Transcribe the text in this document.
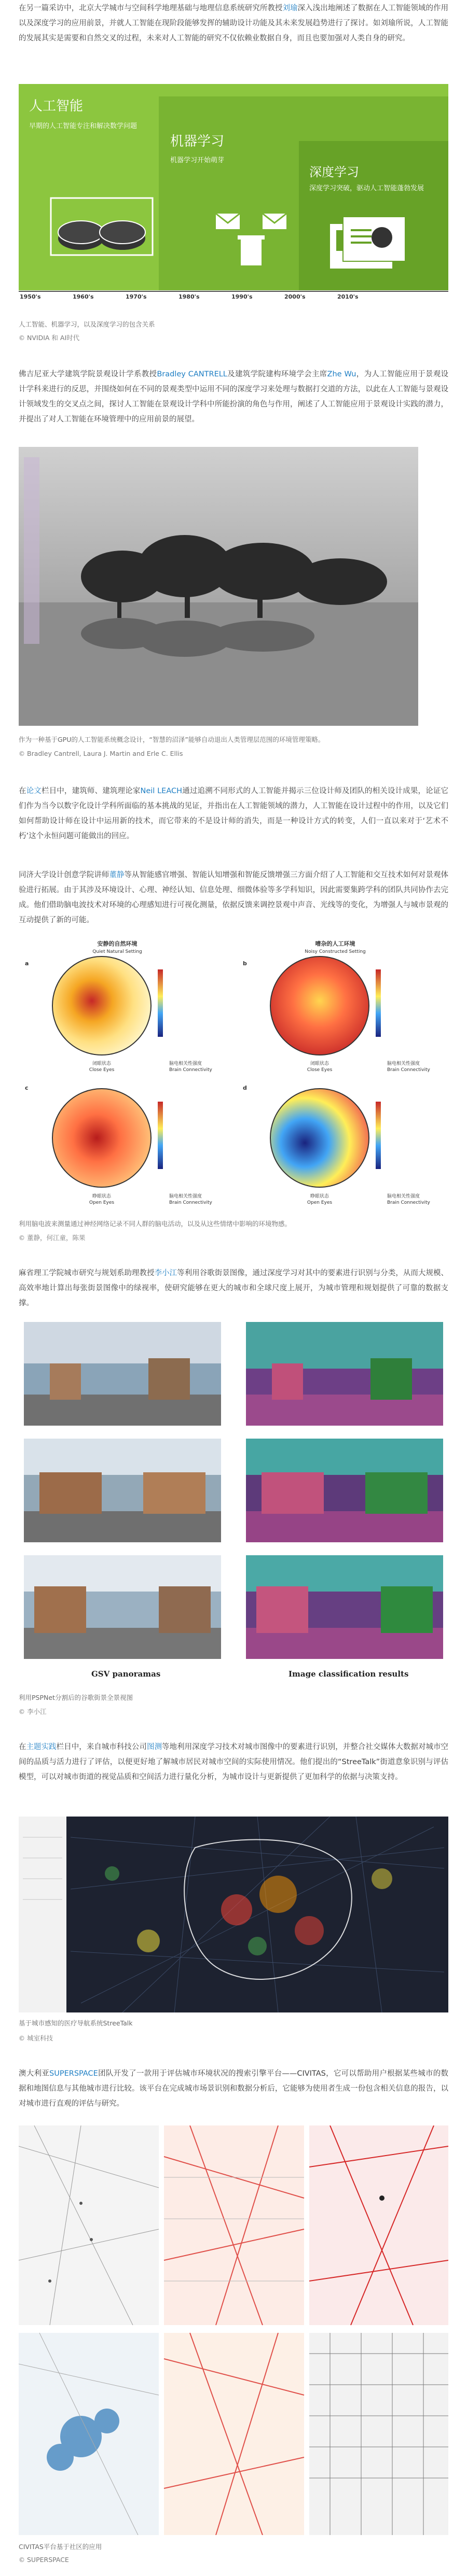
在另一篇采访中，北京大学城市与空间科学地理基础与地理信息系统研究所教授刘瑜深入浅出地阐述了数据在人工智能领域的作用以及深度学习的应用前景，并就人工智能在现阶段能够发挥的辅助设计功能及其未来发展趋势进行了探讨。如刘瑜所说，人工智能的发展其实是需要和自然交叉的过程，未来对人工智能的研究不仅依赖业数据自身，而且也要加强对人类自身的研究。

人工智能
早期的人工智能专注和解决数学问题
机器学习
机器学习开始萌芽
深度学习
深度学习突破，驱动人工智能蓬勃发展
1950's	1960's	1970's	1980's	1990's	2000's	2010's

人工智能、机器学习，以及深度学习的包含关系

© NVIDIA 和 AI时代

佛吉尼亚大学建筑学院景观设计学系教授Bradley CANTRELL及建筑学院建构环境学会主席Zhe Wu，为人工智能应用于景观设计学科来进行的反思，并围绕如何在不同的景观类型中运用不同的深度学习来处理与数据打交道的方法，以此在人工智能与景观设计领域发生的交叉点之间，探讨人工智能在景观设计学科中所能扮演的角色与作用，阐述了人工智能应用于景观设计实践的潜力，并提出了对人工智能在环境管理中的应用前景的展望。

作为一种基于GPU的人工智能系统概念设计，“智慧的沼泽”能够自动退出人类管理层范围的环境管理策略。

© Bradley Cantrell, Laura J. Martin and Erle C. Ellis

在论文栏目中，建筑师、建筑理论家Neil LEACH通过追溯不同形式的人工智能并揭示三位设计师及团队的相关设计成果，论证它们作为当今以数字化设计学科所面临的基本挑战的见证，并指出在人工智能领域的潜力，人工智能在设计过程中的作用，以及它们如何帮助设计师在设计中运用新的技术，而它带来的不是设计师的消失，而是一种设计方式的转变，人们一直以来对于‘艺术不朽’这个永恒问题可能做出的回应。

同济大学设计创意学院讲师董静等从智能感官增强、智能认知增强和智能反馈增强三方面介绍了人工智能和交互技术如何对景观体验进行拓展。由于其涉及环境设计、心理、神经认知、信息处理、细微体验等多学科知识，因此需要集跨学科的团队共同协作去完成。他们借助脑电波技术对环境的心理感知进行可视化测量，依据反馈来调控景观中声音、光线等的变化，为增强人与城市景观的互动提供了新的可能。

安静的自然环境
Quiet Natural Setting
嘈杂的人工环境
Noisy Constructed Setting
a
闭眼状态
Close Eyes
脑电相关性强度
Brain Connectivity
b
闭眼状态
Close Eyes
脑电相关性强度
Brain Connectivity
c
睁眼状态
Open Eyes
脑电相关性强度
Brain Connectivity
d
睁眼状态
Open Eyes
脑电相关性强度
Brain Connectivity

利用脑电波来测量通过神经网络记录不同人群的脑电活动，以及从这些情绪中影响的环境物感。

© 董静，何江童，陈果

麻省理工学院城市研究与规划系助理教授李小江等利用谷歌街景图像，通过深度学习对其中的要素进行识别与分类，从而大规模、高效率地计算出每张街景图像中的绿视率，使研究能够在更大的城市和全球尺度上展开，为城市管理和规划提供了可靠的数据支撑。

GSV panoramas	Image classification results

利用PSPNet分割后的谷歌街景全景视图

© 李小江

在主题实践栏目中，来自城市科技公司图测等地利用深度学习技术对城市图像中的要素进行识别，并整合社交媒体大数据对城市空间的品质与活力进行了评估，以便更好地了解城市居民对城市空间的实际使用情况。他们提出的“StreeTalk”街道意象识别与评估模型，可以对城市街道的视觉品质和空间活力进行量化分析，为城市设计与更新提供了更加科学的依据与决策支持。

基于城市感知的医疗导航系统StreeTalk

© 城室科技

澳大利亚SUPERSPACE团队开发了一款用于评估城市环境状况的搜索引擎平台——CIVITAS，它可以帮助用户根据某些城市的数据和地图信息与其他城市进行比较。该平台在完成城市场景识别和数据分析后，它能够为使用者生成一份包含相关信息的报告，以对城市进行直观的评估与研究。

CIVITAS平台基于社区的应用

© SUPERSPACE
